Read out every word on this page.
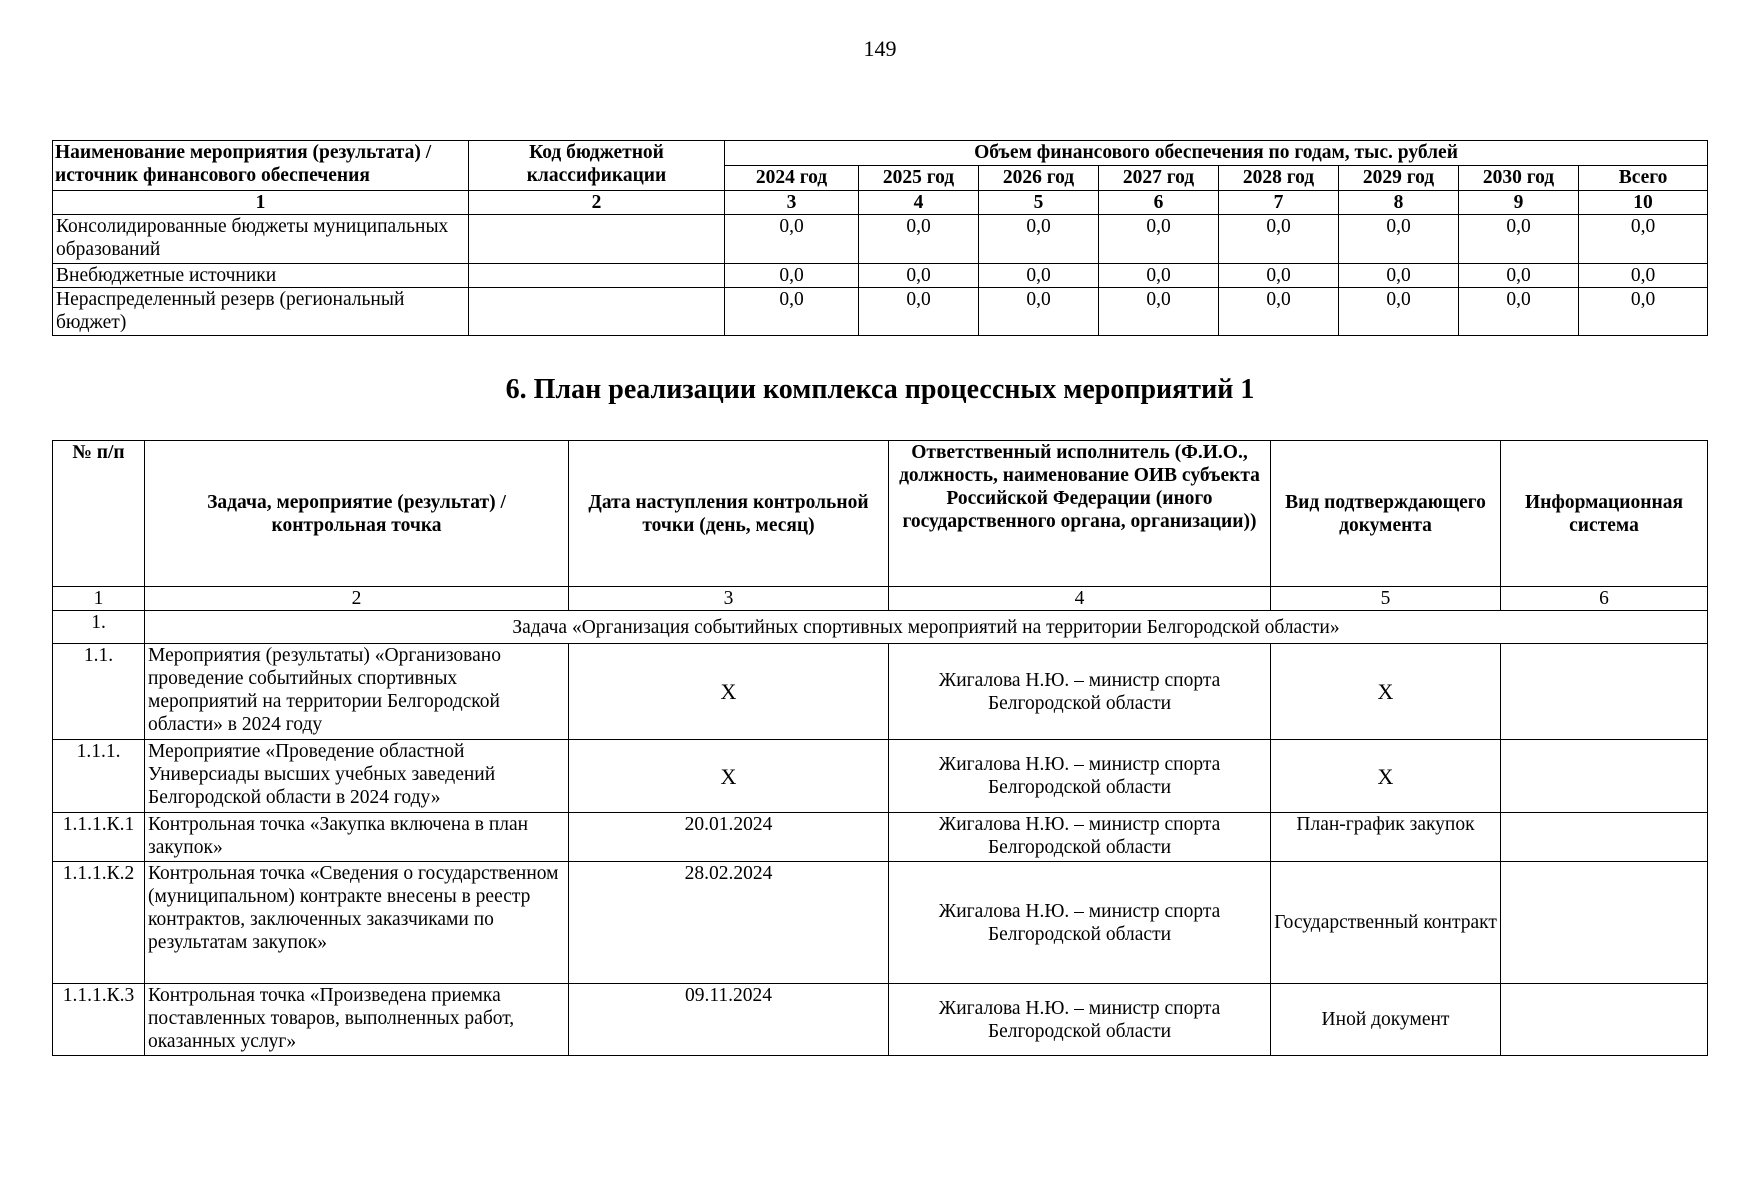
149
Наименование мероприятия (результата) /источник финансового обеспечения	Код бюджетной классификации	Объем финансового обеспечения по годам, тыс. рублей							
		2024 год	2025 год	2026 год	2027 год	2028 год	2029 год	2030 год	Всего
1	2	3	4	5	6	7	8	9	10
Консолидированные бюджеты муниципальных образований		0,0	0,0	0,0	0,0	0,0	0,0	0,0	0,0
Внебюджетные источники		0,0	0,0	0,0	0,0	0,0	0,0	0,0	0,0
Нераспределенный резерв (региональный бюджет)		0,0	0,0	0,0	0,0	0,0	0,0	0,0	0,0
6. План реализации комплекса процессных мероприятий 1
№ п/п	Задача, мероприятие (результат) / контрольная точка	Дата наступления контрольной точки (день, месяц)	Ответственный исполнитель (Ф.И.О., должность, наименование ОИВ субъекта Российской Федерации (иного государственного органа, организации))	Вид подтверждающего документа	Информационная система
1	2	3	4	5	6
1.	Задача «Организация событийных спортивных мероприятий на территории Белгородской области»				
1.1.	Мероприятия (результаты) «Организовано проведение событийных спортивных мероприятий на территории Белгородской области» в 2024 году	X	Жигалова Н.Ю. – министр спорта Белгородской области	X	
1.1.1.	Мероприятие «Проведение областной Универсиады высших учебных заведений Белгородской области в 2024 году»	X	Жигалова Н.Ю. – министр спорта Белгородской области	X	
1.1.1.К.1	Контрольная точка «Закупка включена в план закупок»	20.01.2024	Жигалова Н.Ю. – министр спорта Белгородской области	План-график закупок	
1.1.1.К.2	Контрольная точка «Сведения о государственном (муниципальном) контракте внесены в реестр контрактов, заключенных заказчиками по результатам закупок»	28.02.2024	Жигалова Н.Ю. – министр спорта Белгородской области	Государственный контракт	
1.1.1.К.3	Контрольная точка «Произведена приемка поставленных товаров, выполненных работ, оказанных услуг»	09.11.2024	Жигалова Н.Ю. – министр спорта Белгородской области	Иной документ	
